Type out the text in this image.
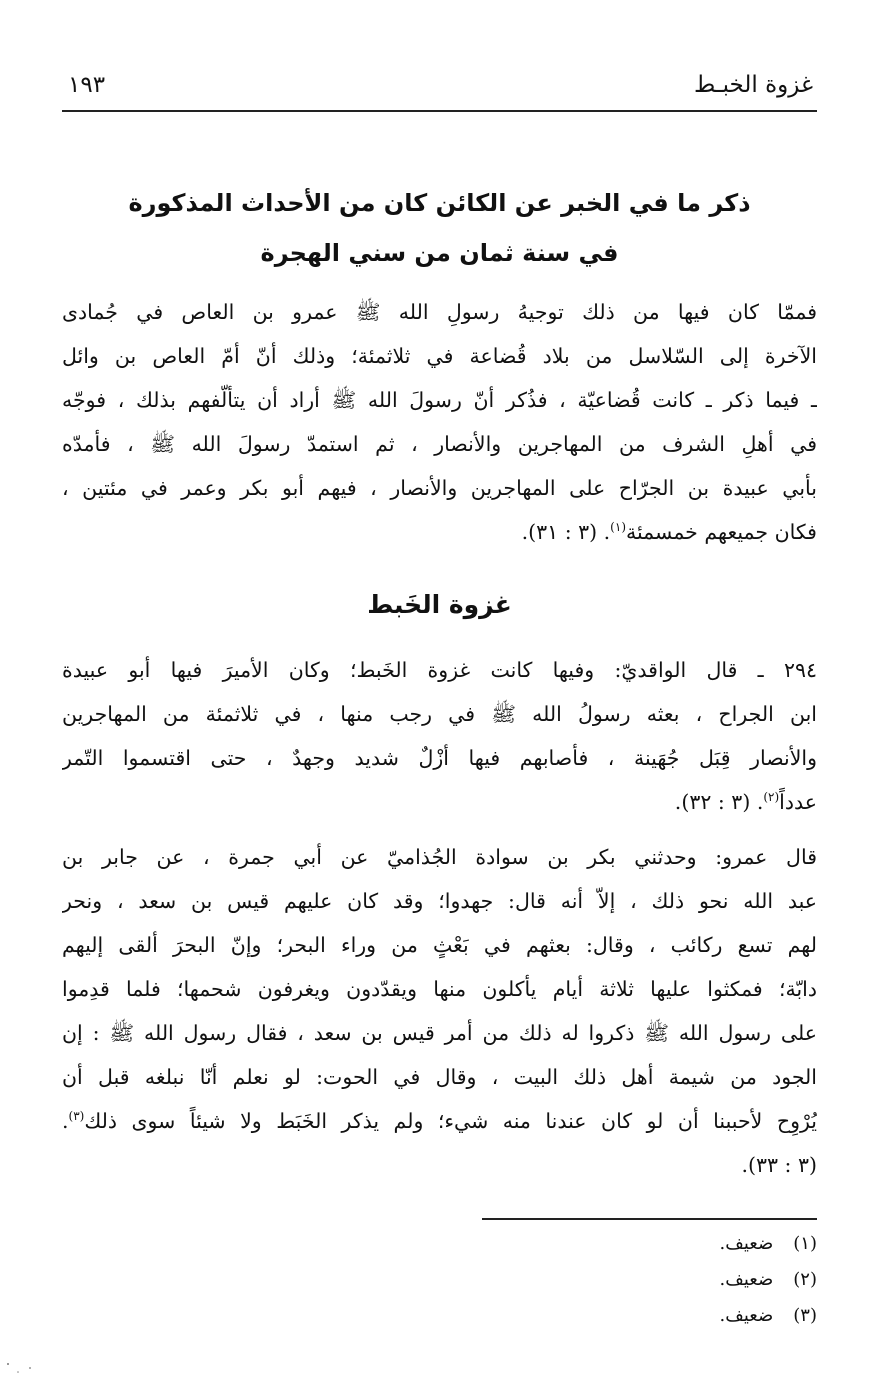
غزوة الخبـط
١٩٣
ذكر ما في الخبر عن الكائن كان من الأحداث المذكورة
في سنة ثمان من سني الهجرة
فممّا كان فيها من ذلك توجيهُ رسولِ الله ﷺ عمرو بن العاص في جُمادى
الآخرة إلى السّلاسل من بلاد قُضاعة في ثلاثمئة؛ وذلك أنّ أمّ العاص بن وائل
ـ فيما ذكر ـ كانت قُضاعيّة ، فذُكر أنّ رسولَ الله ﷺ أراد أن يتألّفهم بذلك ، فوجّه
في أهلِ الشرف من المهاجرين والأنصار ، ثم استمدّ رسولَ الله ﷺ ، فأمدّه
بأبي عبيدة بن الجرّاح على المهاجرين والأنصار ، فيهم أبو بكر وعمر في مئتين ،
فكان جميعهم خمسمئة$^{(١)}$. (٣ : ٣١).
غزوة الخَبط
٢٩٤ ـ قال الواقديّ: وفيها كانت غزوة الخَبط؛ وكان الأميرَ فيها أبو عبيدة
ابن الجراح ، بعثه رسولُ الله ﷺ في رجب منها ، في ثلاثمئة من المهاجرين
والأنصار قِبَل جُهَينة ، فأصابهم فيها أزْلٌ شديد وجهدٌ ، حتى اقتسموا التّمر
عدداً$^{(٢)}$. (٣ : ٣٢).
قال عمرو: وحدثني بكر بن سوادة الجُذاميّ عن أبي جمرة ، عن جابر بن
عبد الله نحو ذلك ، إلاّ أنه قال: جهدوا؛ وقد كان عليهم قيس بن سعد ، ونحر
لهم تسع ركائب ، وقال: بعثهم في بَعْثٍ من وراء البحر؛ وإنّ البحرَ ألقى إليهم
دابّة؛ فمكثوا عليها ثلاثة أيام يأكلون منها ويقدّدون ويغرفون شحمها؛ فلما قدِموا
على رسول الله ﷺ ذكروا له ذلك من أمر قيس بن سعد ، فقال رسول الله ﷺ : إن
الجود من شيمة أهل ذلك البيت ، وقال في الحوت: لو نعلم أنّا نبلغه قبل أن
يُرْوِح لأحببنا أن لو كان عندنا منه شيء؛ ولم يذكر الخَبَط ولا شيئاً سوى ذلك$^{(٣)}$.
(٣ : ٣٣).
(١) ضعيف.
(٢) ضعيف.
(٣) ضعيف.
